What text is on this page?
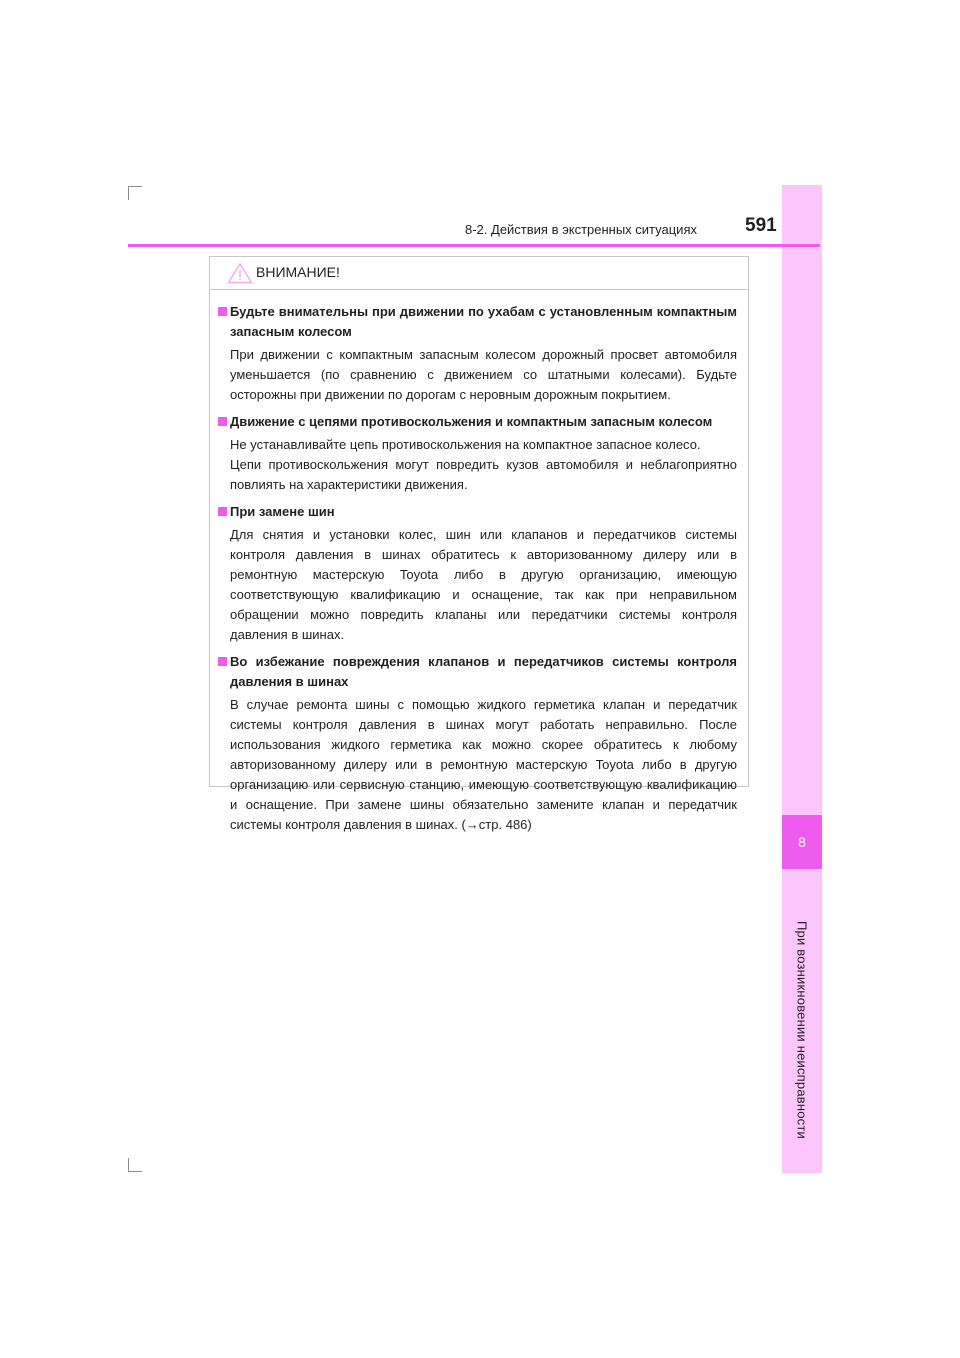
8
При возникновении неисправности
8-2. Действия в экстренных ситуациях	591
ВНИМАНИЕ!
Будьте внимательны при движении по ухабам с установленным компактным запасным колесом

При движении с компактным запасным колесом дорожный просвет автомобиля уменьшается (по сравнению с движением со штатными колесами). Будьте осторожны при движении по дорогам с неровным дорожным покрытием.

Движение с цепями противоскольжения и компактным запасным колесом

Не устанавливайте цепь противоскольжения на компактное запасное колесо.

Цепи противоскольжения могут повредить кузов автомобиля и неблагоприятно повлиять на характеристики движения.

При замене шин

Для снятия и установки колес, шин или клапанов и передатчиков системы контроля давления в шинах обратитесь к авторизованному дилеру или в ремонтную мастерскую Toyota либо в другую организацию, имеющую соответствующую квалификацию и оснащение, так как при неправильном обращении можно повредить клапаны или передатчики системы контроля давления в шинах.

Во избежание повреждения клапанов и передатчиков системы контроля давления в шинах

В случае ремонта шины с помощью жидкого герметика клапан и передатчик системы контроля давления в шинах могут работать неправильно. После использования жидкого герметика как можно скорее обратитесь к любому авторизованному дилеру или в ремонтную мастерскую Toyota либо в другую организацию или сервисную станцию, имеющую соответствующую квалификацию и оснащение. При замене шины обязательно замените клапан и передатчик системы контроля давления в шинах. (→стр. 486)
